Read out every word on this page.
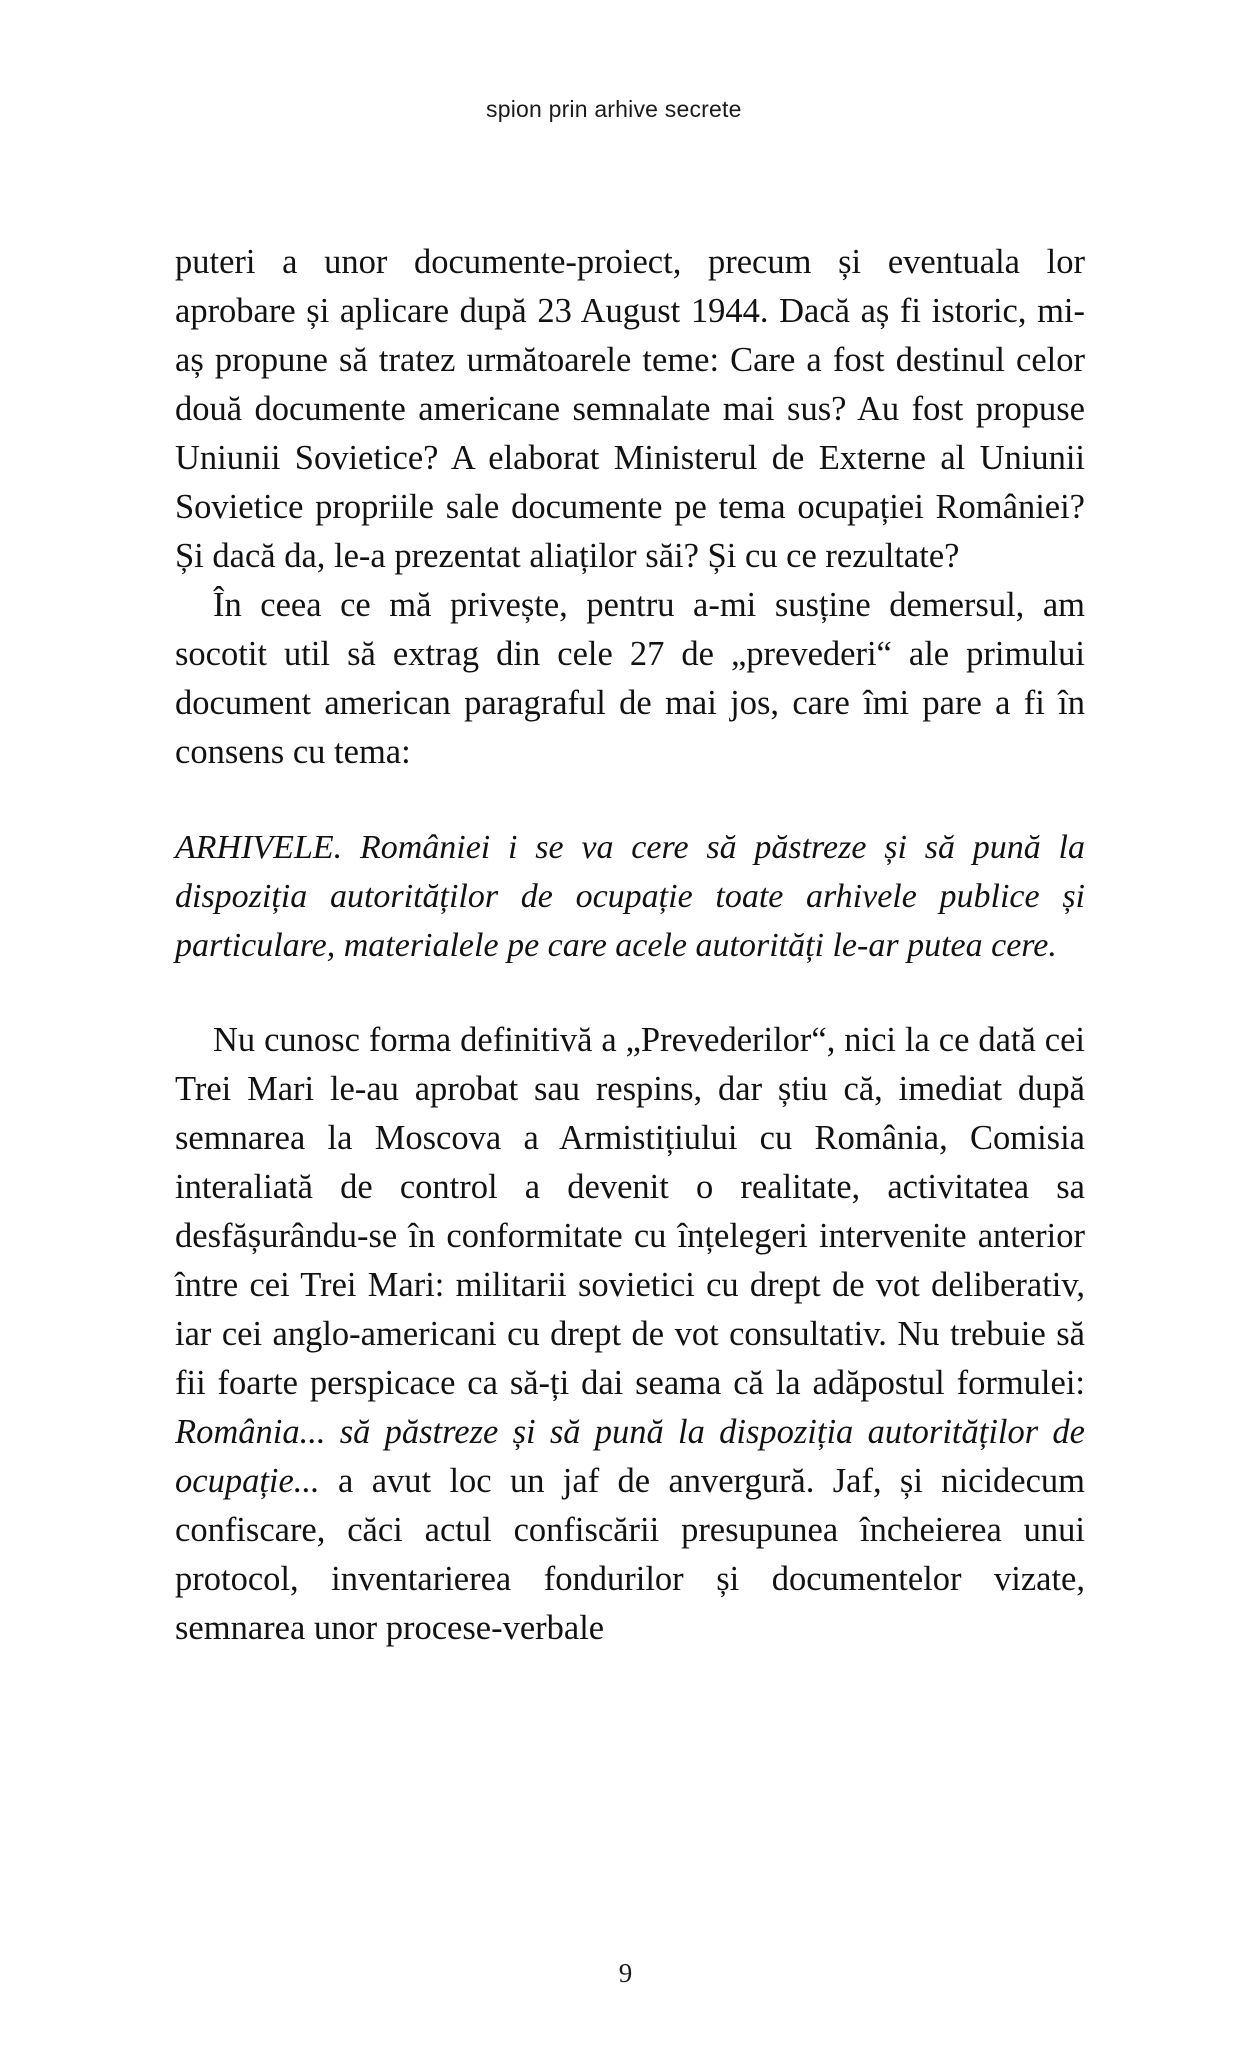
spion prin arhive secrete

puteri a unor documente-proiect, precum și eventuala lor aprobare și aplicare după 23 August 1944. Dacă aș fi istoric, mi-aș propune să tratez următoarele teme: Care a fost destinul celor două documente americane semnalate mai sus? Au fost propuse Uniunii Sovietice? A elaborat Ministerul de Externe al Uniunii Sovietice propriile sale documente pe tema ocupației României? Și dacă da, le-a prezentat aliaților săi? Și cu ce rezultate?

În ceea ce mă privește, pentru a-mi susține demersul, am socotit util să extrag din cele 27 de „prevederi“ ale primului document american paragraful de mai jos, care îmi pare a fi în consens cu tema:

ARHIVELE. României i se va cere să păstreze și să pună la dispoziția autorităților de ocupație toate arhivele publice și particulare, materialele pe care acele autorități le-ar putea cere.

Nu cunosc forma definitivă a „Prevederilor“, nici la ce dată cei Trei Mari le-au aprobat sau respins, dar știu că, imediat după semnarea la Moscova a Armistițiului cu România, Comisia interaliată de control a devenit o realitate, activitatea sa desfășurându-se în conformitate cu înțelegeri intervenite anterior între cei Trei Mari: militarii sovietici cu drept de vot deliberativ, iar cei anglo-americani cu drept de vot consultativ. Nu trebuie să fii foarte perspicace ca să-ți dai seama că la adăpostul formulei: România... să păstreze și să pună la dispoziția autorităților de ocupație... a avut loc un jaf de anvergură. Jaf, și nicidecum confiscare, căci actul confiscării presupunea încheierea unui protocol, inventarierea fondurilor și documentelor vizate, semnarea unor procese-verbale

9
